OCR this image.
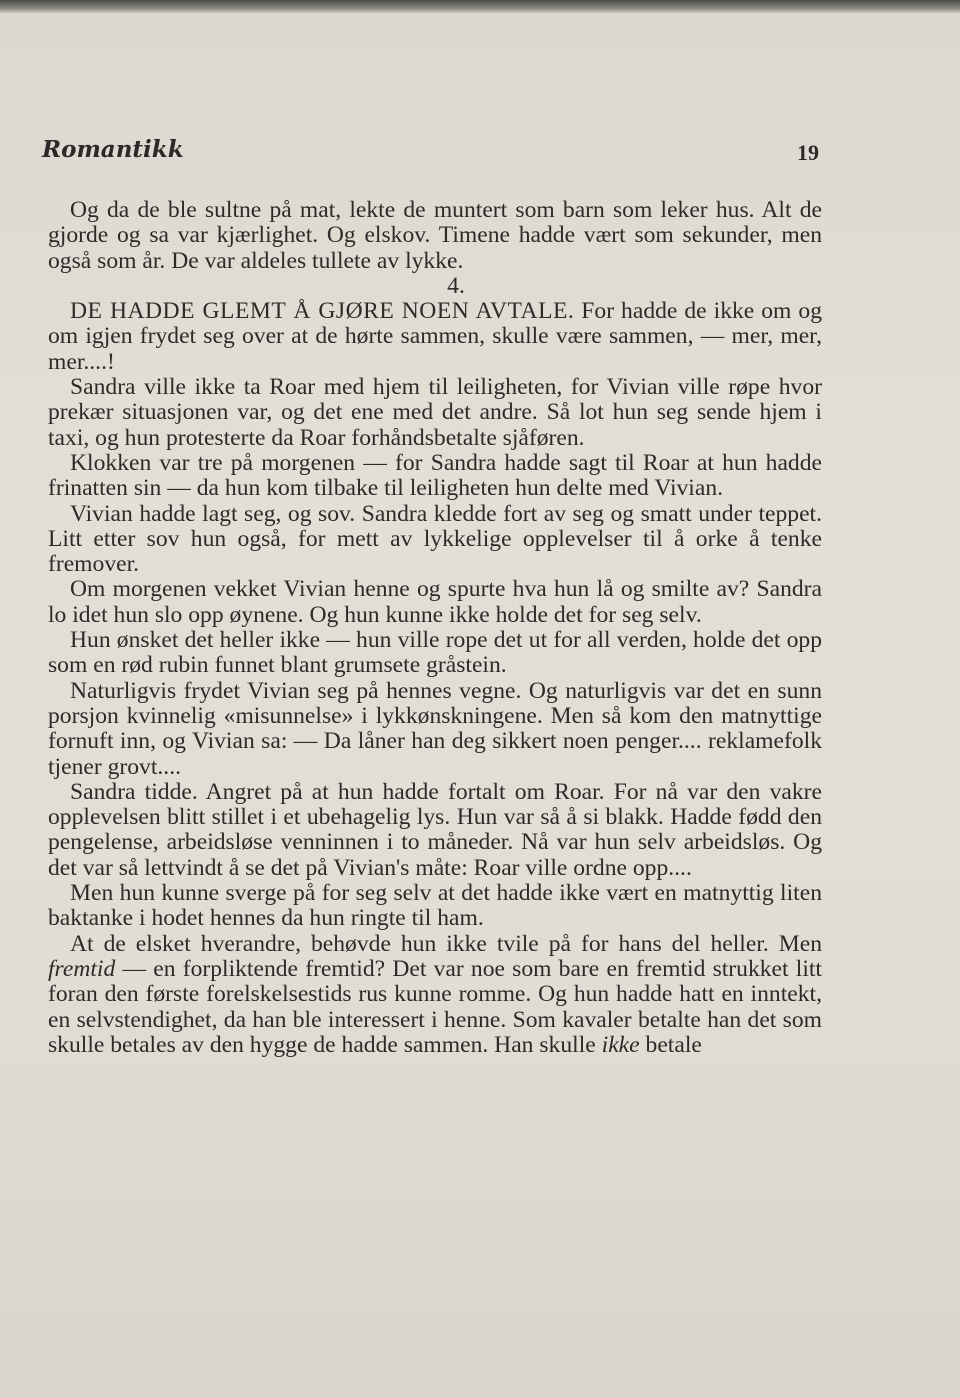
Romantikk	19

Og da de ble sultne på mat, lekte de muntert som barn som leker hus. Alt de gjorde og sa var kjærlighet. Og elskov. Timene hadde vært som sekunder, men også som år. De var aldeles tullete av lykke.

4.

DE HADDE GLEMT Å GJØRE NOEN AVTALE. For hadde de ikke om og om igjen frydet seg over at de hørte sammen, skulle være sammen, — mer, mer, mer....!

Sandra ville ikke ta Roar med hjem til leiligheten, for Vivian ville røpe hvor prekær situasjonen var, og det ene med det andre. Så lot hun seg sende hjem i taxi, og hun protesterte da Roar forhåndsbetalte sjåføren.

Klokken var tre på morgenen — for Sandra hadde sagt til Roar at hun hadde frinatten sin — da hun kom tilbake til leiligheten hun delte med Vivian.

Vivian hadde lagt seg, og sov. Sandra kledde fort av seg og smatt under teppet. Litt etter sov hun også, for mett av lykkelige opplevelser til å orke å tenke fremover.

Om morgenen vekket Vivian henne og spurte hva hun lå og smilte av? Sandra lo idet hun slo opp øynene. Og hun kunne ikke holde det for seg selv.

Hun ønsket det heller ikke — hun ville rope det ut for all verden, holde det opp som en rød rubin funnet blant grumsete gråstein.

Naturligvis frydet Vivian seg på hennes vegne. Og naturligvis var det en sunn porsjon kvinnelig «misunnelse» i lykkønskningene. Men så kom den matnyttige fornuft inn, og Vivian sa: — Da låner han deg sikkert noen penger.... reklamefolk tjener grovt....

Sandra tidde. Angret på at hun hadde fortalt om Roar. For nå var den vakre opplevelsen blitt stillet i et ubehagelig lys. Hun var så å si blakk. Hadde fødd den pengelense, arbeidsløse venninnen i to måneder. Nå var hun selv arbeidsløs. Og det var så lettvindt å se det på Vivian's måte: Roar ville ordne opp....

Men hun kunne sverge på for seg selv at det hadde ikke vært en matnyttig liten baktanke i hodet hennes da hun ringte til ham.

At de elsket hverandre, behøvde hun ikke tvile på for hans del heller. Men fremtid — en forpliktende fremtid? Det var noe som bare en fremtid strukket litt foran den første forelskelsestids rus kunne romme. Og hun hadde hatt en inntekt, en selvstendighet, da han ble interessert i henne. Som kavaler betalte han det som skulle betales av den hygge de hadde sammen. Han skulle ikke betale
